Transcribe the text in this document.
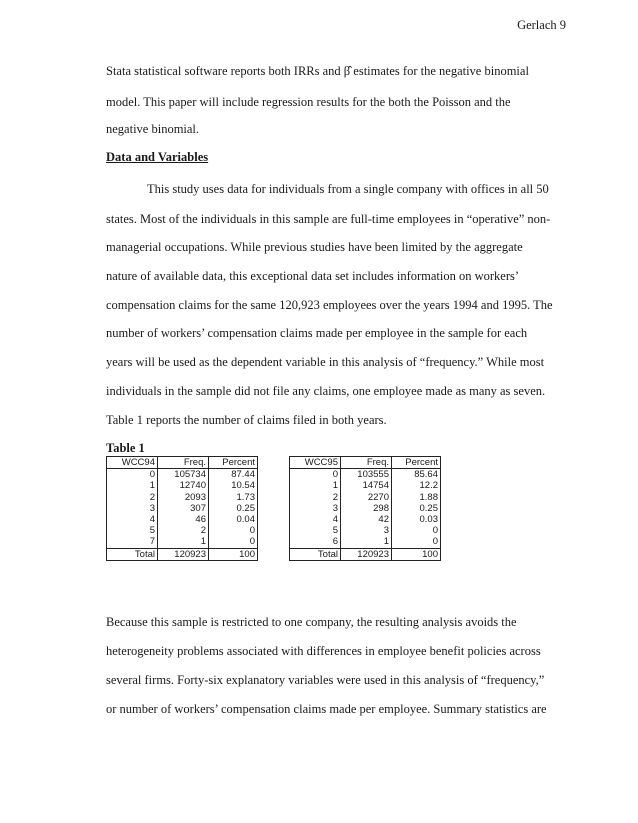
Gerlach 9
Stata statistical software reports both IRRs and β̂ estimates for the negative binomial
model. This paper will include regression results for the both the Poisson and the
negative binomial.
Data and Variables
This study uses data for individuals from a single company with offices in all 50
states. Most of the individuals in this sample are full-time employees in “operative” non-
managerial occupations. While previous studies have been limited by the aggregate
nature of available data, this exceptional data set includes information on workers’
compensation claims for the same 120,923 employees over the years 1994 and 1995. The
number of workers’ compensation claims made per employee in the sample for each
years will be used as the dependent variable in this analysis of “frequency.” While most
individuals in the sample did not file any claims, one employee made as many as seven.
Table 1 reports the number of claims filed in both years.
Table 1
WCC94	Freq.	Percent
0	105734	87.44
1	12740	10.54
2	2093	1.73
3	307	0.25
4	46	0.04
5	2	0
7	1	0
Total	120923	100
WCC95	Freq.	Percent
0	103555	85.64
1	14754	12.2
2	2270	1.88
3	298	0.25
4	42	0.03
5	3	0
6	1	0
Total	120923	100
Because this sample is restricted to one company, the resulting analysis avoids the
heterogeneity problems associated with differences in employee benefit policies across
several firms. Forty-six explanatory variables were used in this analysis of “frequency,”
or number of workers’ compensation claims made per employee. Summary statistics are
